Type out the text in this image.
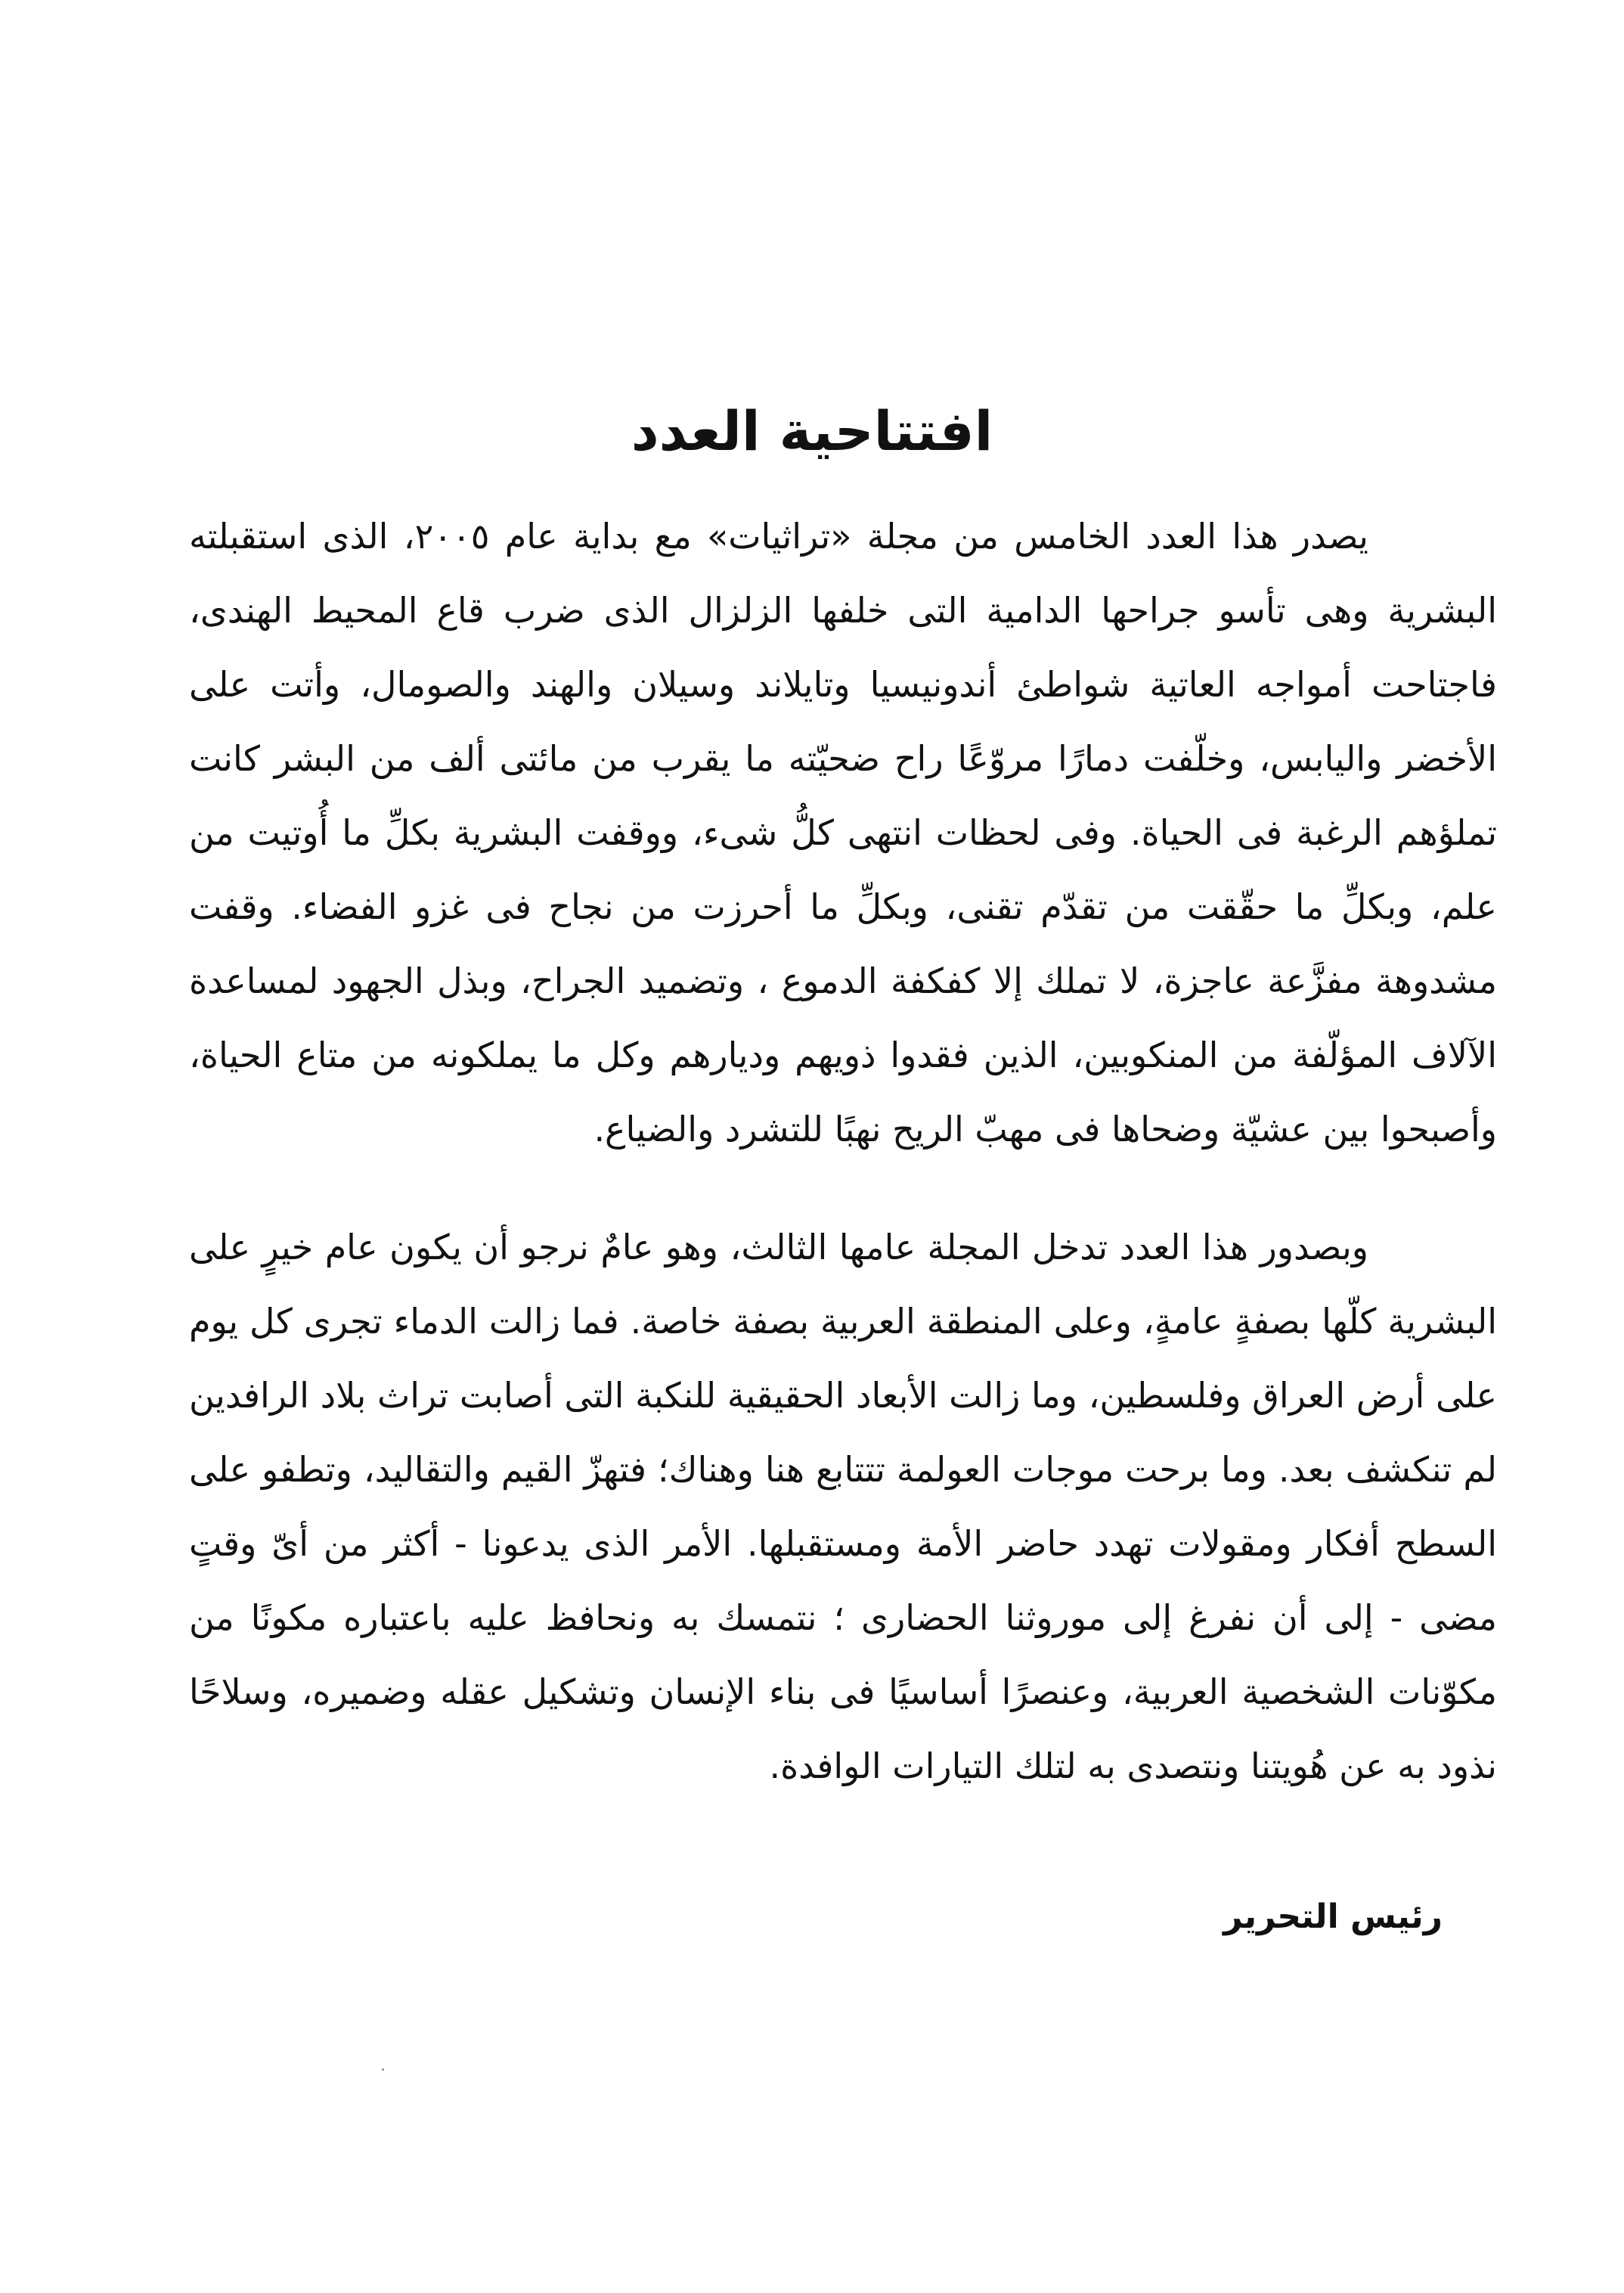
افتتاحية العدد

يصدر هذا العدد الخامس من مجلة «تراثيات» مع بداية عام ٢٠٠٥، الذى استقبلته البشرية وهى تأسو جراحها الدامية التى خلفها الزلزال الذى ضرب قاع المحيط الهندى، فاجتاحت أمواجه العاتية شواطئ أندونيسيا وتايلاند وسيلان والهند والصومال، وأتت على الأخضر واليابس، وخلّفت دمارًا مروّعًا راح ضحيّته ما يقرب من مائتى ألف من البشر كانت تملؤهم الرغبة فى الحياة. وفى لحظات انتهى كلُّ شىء، ووقفت البشرية بكلِّ ما أُوتيت من علم، وبكلِّ ما حقّقت من تقدّم تقنى، وبكلِّ ما أحرزت من نجاح فى غزو الفضاء. وقفت مشدوهة مفزَّعة عاجزة، لا تملك إلا كفكفة الدموع ، وتضميد الجراح، وبذل الجهود لمساعدة الآلاف المؤلّفة من المنكوبين، الذين فقدوا ذويهم وديارهم وكل ما يملكونه من متاع الحياة، وأصبحوا بين عشيّة وضحاها فى مهبّ الريح نهبًا للتشرد والضياع.

وبصدور هذا العدد تدخل المجلة عامها الثالث، وهو عامٌ نرجو أن يكون عام خيرٍ على البشرية كلّها بصفةٍ عامةٍ، وعلى المنطقة العربية بصفة خاصة. فما زالت الدماء تجرى كل يوم على أرض العراق وفلسطين، وما زالت الأبعاد الحقيقية للنكبة التى أصابت تراث بلاد الرافدين لم تنكشف بعد. وما برحت موجات العولمة تتتابع هنا وهناك؛ فتهزّ القيم والتقاليد، وتطفو على السطح أفكار ومقولات تهدد حاضر الأمة ومستقبلها. الأمر الذى يدعونا - أكثر من أىّ وقتٍ مضى - إلى أن نفرغ إلى موروثنا الحضارى ؛ نتمسك به ونحافظ عليه باعتباره مكونًا من مكوّنات الشخصية العربية، وعنصرًا أساسيًا فى بناء الإنسان وتشكيل عقله وضميره، وسلاحًا نذود به عن هُويتنا ونتصدى به لتلك التيارات الوافدة.

رئيس التحرير
